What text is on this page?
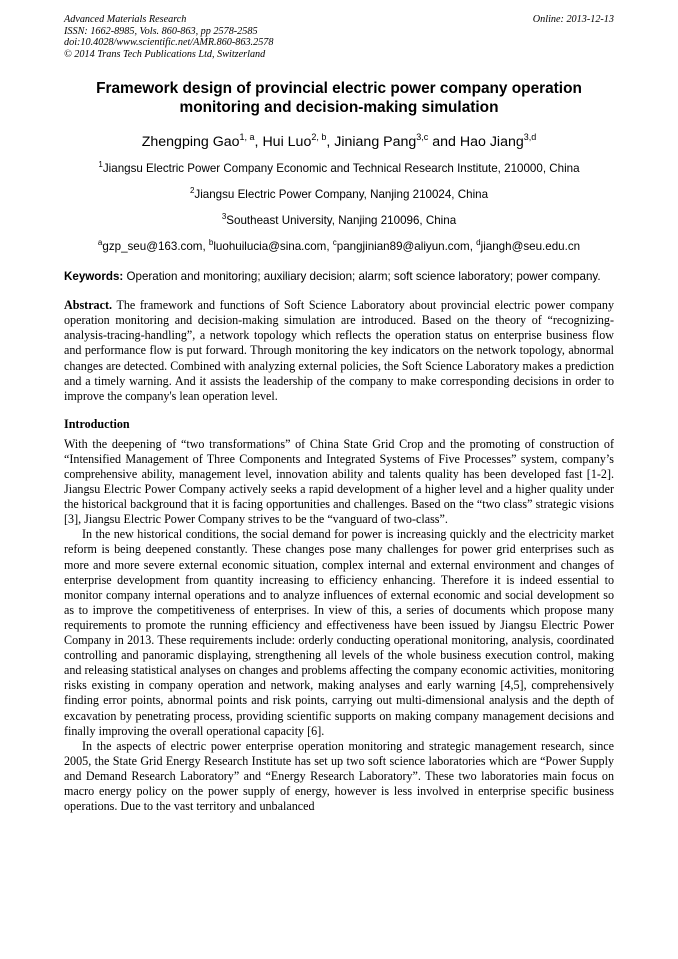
Advanced Materials Research
ISSN: 1662-8985, Vols. 860-863, pp 2578-2585
doi:10.4028/www.scientific.net/AMR.860-863.2578
© 2014 Trans Tech Publications Ltd, Switzerland
Online: 2013-12-13
Framework design of provincial electric power company operation
monitoring and decision-making simulation
Zhengping Gao$^{1, a}$, Hui Luo$^{2, b}$, Jiniang Pang$^{3,c}$ and Hao Jiang$^{3,d}$
$^1$Jiangsu Electric Power Company Economic and Technical Research Institute, 210000, China
$^2$Jiangsu Electric Power Company, Nanjing 210024, China
$^3$Southeast University, Nanjing 210096, China
$^a$gzp_seu@163.com, $^b$luohuilucia@sina.com, $^c$pangjinian89@aliyun.com, $^d$jiangh@seu.edu.cn
Keywords: Operation and monitoring; auxiliary decision; alarm; soft science laboratory; power company.
Abstract. The framework and functions of Soft Science Laboratory about provincial electric power company operation monitoring and decision-making simulation are introduced. Based on the theory of “recognizing-analysis-tracing-handling”, a network topology which reflects the operation status on enterprise business flow and performance flow is put forward. Through monitoring the key indicators on the network topology, abnormal changes are detected. Combined with analyzing external policies, the Soft Science Laboratory makes a prediction and a timely warning. And it assists the leadership of the company to make corresponding decisions in order to improve the company's lean operation level.
Introduction

With the deepening of “two transformations” of China State Grid Crop and the promoting of construction of “Intensified Management of Three Components and Integrated Systems of Five Processes” system, company’s comprehensive ability, management level, innovation ability and talents quality has been developed fast [1-2]. Jiangsu Electric Power Company actively seeks a rapid development of a higher level and a higher quality under the historical background that it is facing opportunities and challenges. Based on the “two class” strategic visions [3], Jiangsu Electric Power Company strives to be the “vanguard of two-class”.

In the new historical conditions, the social demand for power is increasing quickly and the electricity market reform is being deepened constantly. These changes pose many challenges for power grid enterprises such as more and more severe external economic situation, complex internal and external environment and changes of enterprise development from quantity increasing to efficiency enhancing. Therefore it is indeed essential to monitor company internal operations and to analyze influences of external economic and social development so as to improve the competitiveness of enterprises. In view of this, a series of documents which propose many requirements to promote the running efficiency and effectiveness have been issued by Jiangsu Electric Power Company in 2013. These requirements include: orderly conducting operational monitoring, analysis, coordinated controlling and panoramic displaying, strengthening all levels of the whole business execution control, making and releasing statistical analyses on changes and problems affecting the company economic activities, monitoring risks existing in company operation and network, making analyses and early warning [4,5], comprehensively finding error points, abnormal points and risk points, carrying out multi-dimensional analysis and the depth of excavation by penetrating process, providing scientific supports on making company management decisions and finally improving the overall operational capacity [6].

In the aspects of electric power enterprise operation monitoring and strategic management research, since 2005, the State Grid Energy Research Institute has set up two soft science laboratories which are “Power Supply and Demand Research Laboratory” and “Energy Research Laboratory”. These two laboratories main focus on macro energy policy on the power supply of energy, however is less involved in enterprise specific business operations. Due to the vast territory and unbalanced
